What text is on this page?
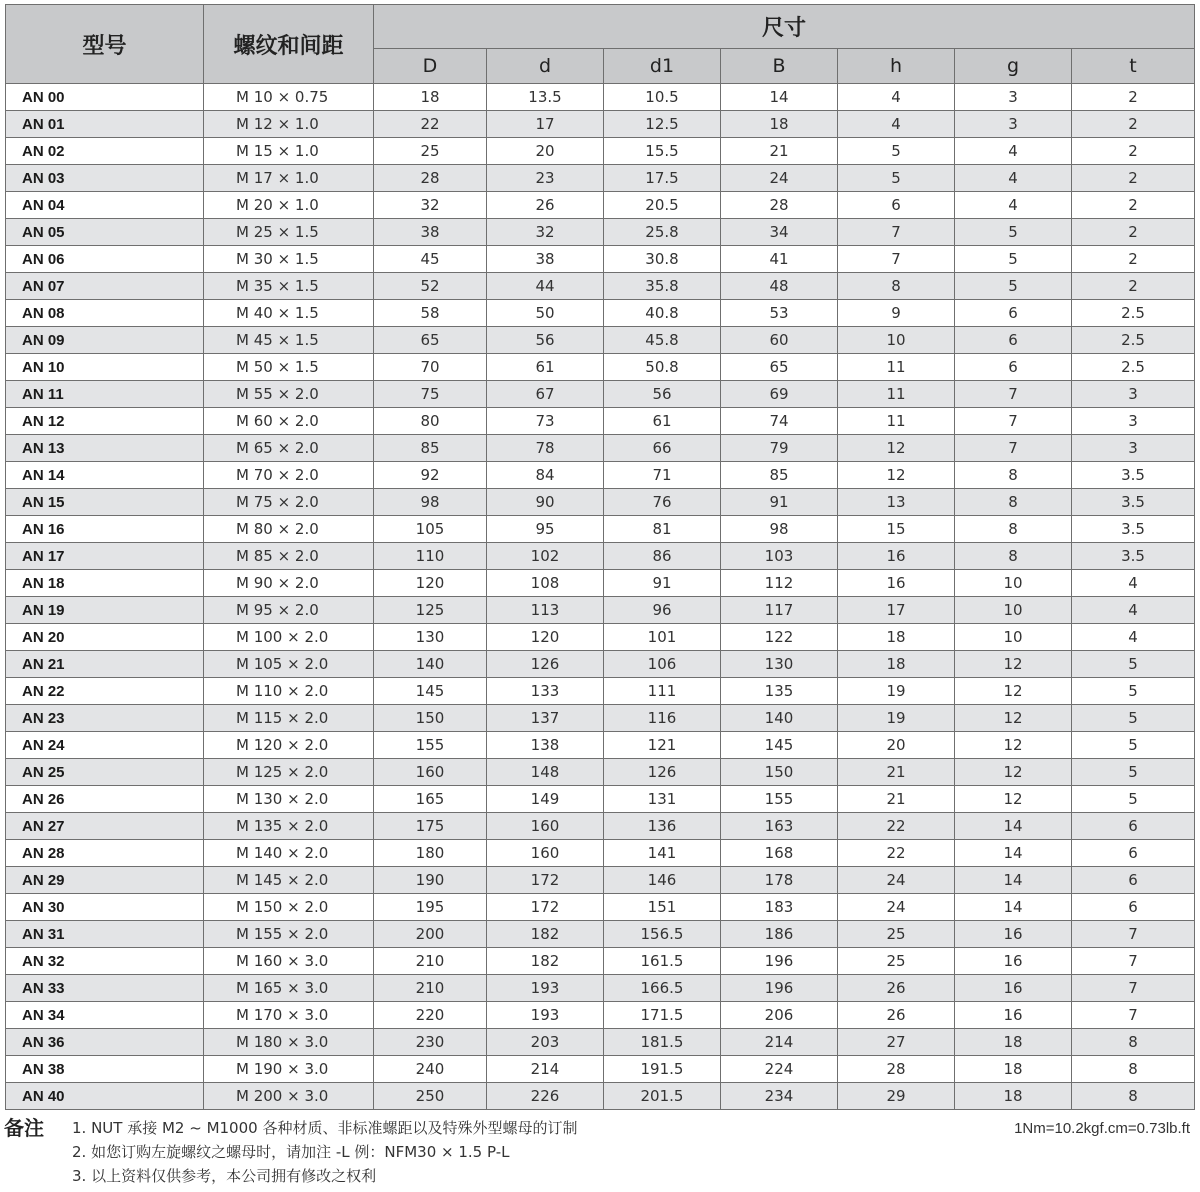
型号	螺纹和间距	尺寸						
		D	d	d1	B	h	g	t
AN 00	M 10 × 0.75	18	13.5	10.5	14	4	3	2
AN 01	M 12 × 1.0	22	17	12.5	18	4	3	2
AN 02	M 15 × 1.0	25	20	15.5	21	5	4	2
AN 03	M 17 × 1.0	28	23	17.5	24	5	4	2
AN 04	M 20 × 1.0	32	26	20.5	28	6	4	2
AN 05	M 25 × 1.5	38	32	25.8	34	7	5	2
AN 06	M 30 × 1.5	45	38	30.8	41	7	5	2
AN 07	M 35 × 1.5	52	44	35.8	48	8	5	2
AN 08	M 40 × 1.5	58	50	40.8	53	9	6	2.5
AN 09	M 45 × 1.5	65	56	45.8	60	10	6	2.5
AN 10	M 50 × 1.5	70	61	50.8	65	11	6	2.5
AN 11	M 55 × 2.0	75	67	56	69	11	7	3
AN 12	M 60 × 2.0	80	73	61	74	11	7	3
AN 13	M 65 × 2.0	85	78	66	79	12	7	3
AN 14	M 70 × 2.0	92	84	71	85	12	8	3.5
AN 15	M 75 × 2.0	98	90	76	91	13	8	3.5
AN 16	M 80 × 2.0	105	95	81	98	15	8	3.5
AN 17	M 85 × 2.0	110	102	86	103	16	8	3.5
AN 18	M 90 × 2.0	120	108	91	112	16	10	4
AN 19	M 95 × 2.0	125	113	96	117	17	10	4
AN 20	M 100 × 2.0	130	120	101	122	18	10	4
AN 21	M 105 × 2.0	140	126	106	130	18	12	5
AN 22	M 110 × 2.0	145	133	111	135	19	12	5
AN 23	M 115 × 2.0	150	137	116	140	19	12	5
AN 24	M 120 × 2.0	155	138	121	145	20	12	5
AN 25	M 125 × 2.0	160	148	126	150	21	12	5
AN 26	M 130 × 2.0	165	149	131	155	21	12	5
AN 27	M 135 × 2.0	175	160	136	163	22	14	6
AN 28	M 140 × 2.0	180	160	141	168	22	14	6
AN 29	M 145 × 2.0	190	172	146	178	24	14	6
AN 30	M 150 × 2.0	195	172	151	183	24	14	6
AN 31	M 155 × 2.0	200	182	156.5	186	25	16	7
AN 32	M 160 × 3.0	210	182	161.5	196	25	16	7
AN 33	M 165 × 3.0	210	193	166.5	196	26	16	7
AN 34	M 170 × 3.0	220	193	171.5	206	26	16	7
AN 36	M 180 × 3.0	230	203	181.5	214	27	18	8
AN 38	M 190 × 3.0	240	214	191.5	224	28	18	8
AN 40	M 200 × 3.0	250	226	201.5	234	29	18	8
备注 1. NUT 承接 M2 ~ M1000 各种材质、非标准螺距以及特殊外型螺母的订制
2. 如您订购左旋螺纹之螺母时，请加注 -L 例：NFM30 × 1.5 P-L
3. 以上资料仅供参考，本公司拥有修改之权利
1Nm=10.2kgf.cm=0.73lb.ft
